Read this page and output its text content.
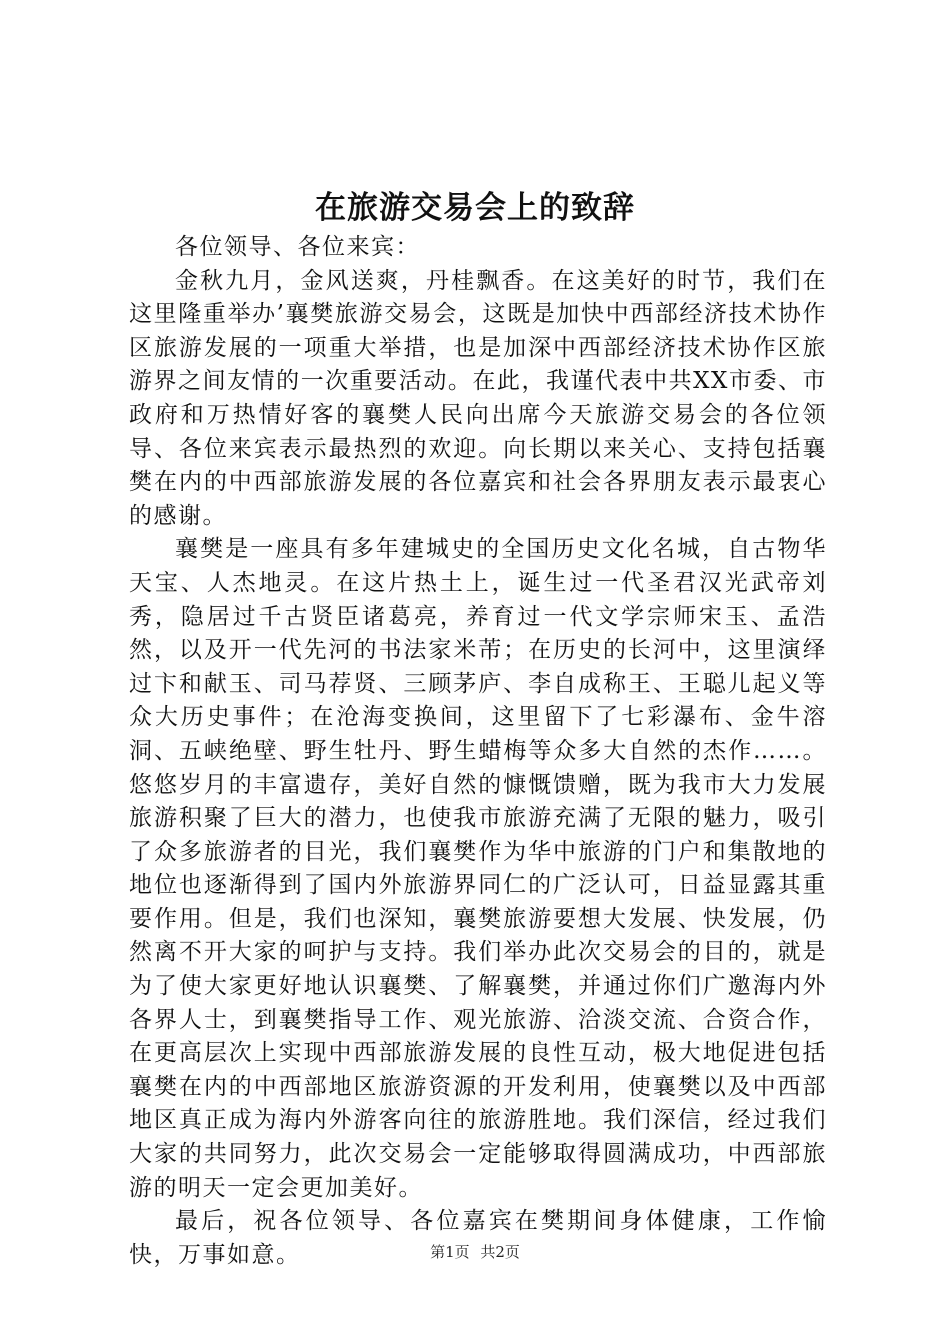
在旅游交易会上的致辞

各位领导、各位来宾：

金秋九月，金风送爽，丹桂飘香。在这美好的时节，我们在这里隆重举办’襄樊旅游交易会，这既是加快中西部经济技术协作区旅游发展的一项重大举措，也是加深中西部经济技术协作区旅游界之间友情的一次重要活动。在此，我谨代表中共XX市委、市政府和万热情好客的襄樊人民向出席今天旅游交易会的各位领导、各位来宾表示最热烈的欢迎。向长期以来关心、支持包括襄樊在内的中西部旅游发展的各位嘉宾和社会各界朋友表示最衷心的感谢。

襄樊是一座具有多年建城史的全国历史文化名城，自古物华天宝、人杰地灵。在这片热土上，诞生过一代圣君汉光武帝刘秀，隐居过千古贤臣诸葛亮，养育过一代文学宗师宋玉、孟浩然，以及开一代先河的书法家米芾；在历史的长河中，这里演绎过卞和献玉、司马荐贤、三顾茅庐、李自成称王、王聪儿起义等众大历史事件；在沧海变换间，这里留下了七彩瀑布、金牛溶洞、五峡绝壁、野生牡丹、野生蜡梅等众多大自然的杰作……。悠悠岁月的丰富遗存，美好自然的慷慨馈赠，既为我市大力发展旅游积聚了巨大的潜力，也使我市旅游充满了无限的魅力，吸引了众多旅游者的目光，我们襄樊作为华中旅游的门户和集散地的地位也逐渐得到了国内外旅游界同仁的广泛认可，日益显露其重要作用。但是，我们也深知，襄樊旅游要想大发展、快发展，仍然离不开大家的呵护与支持。我们举办此次交易会的目的，就是为了使大家更好地认识襄樊、了解襄樊，并通过你们广邀海内外各界人士，到襄樊指导工作、观光旅游、洽淡交流、合资合作，在更高层次上实现中西部旅游发展的良性互动，极大地促进包括襄樊在内的中西部地区旅游资源的开发利用，使襄樊以及中西部地区真正成为海内外游客向往的旅游胜地。我们深信，经过我们大家的共同努力，此次交易会一定能够取得圆满成功，中西部旅游的明天一定会更加美好。

最后，祝各位领导、各位嘉宾在樊期间身体健康，工作愉快，万事如意。	第1页 共2页
